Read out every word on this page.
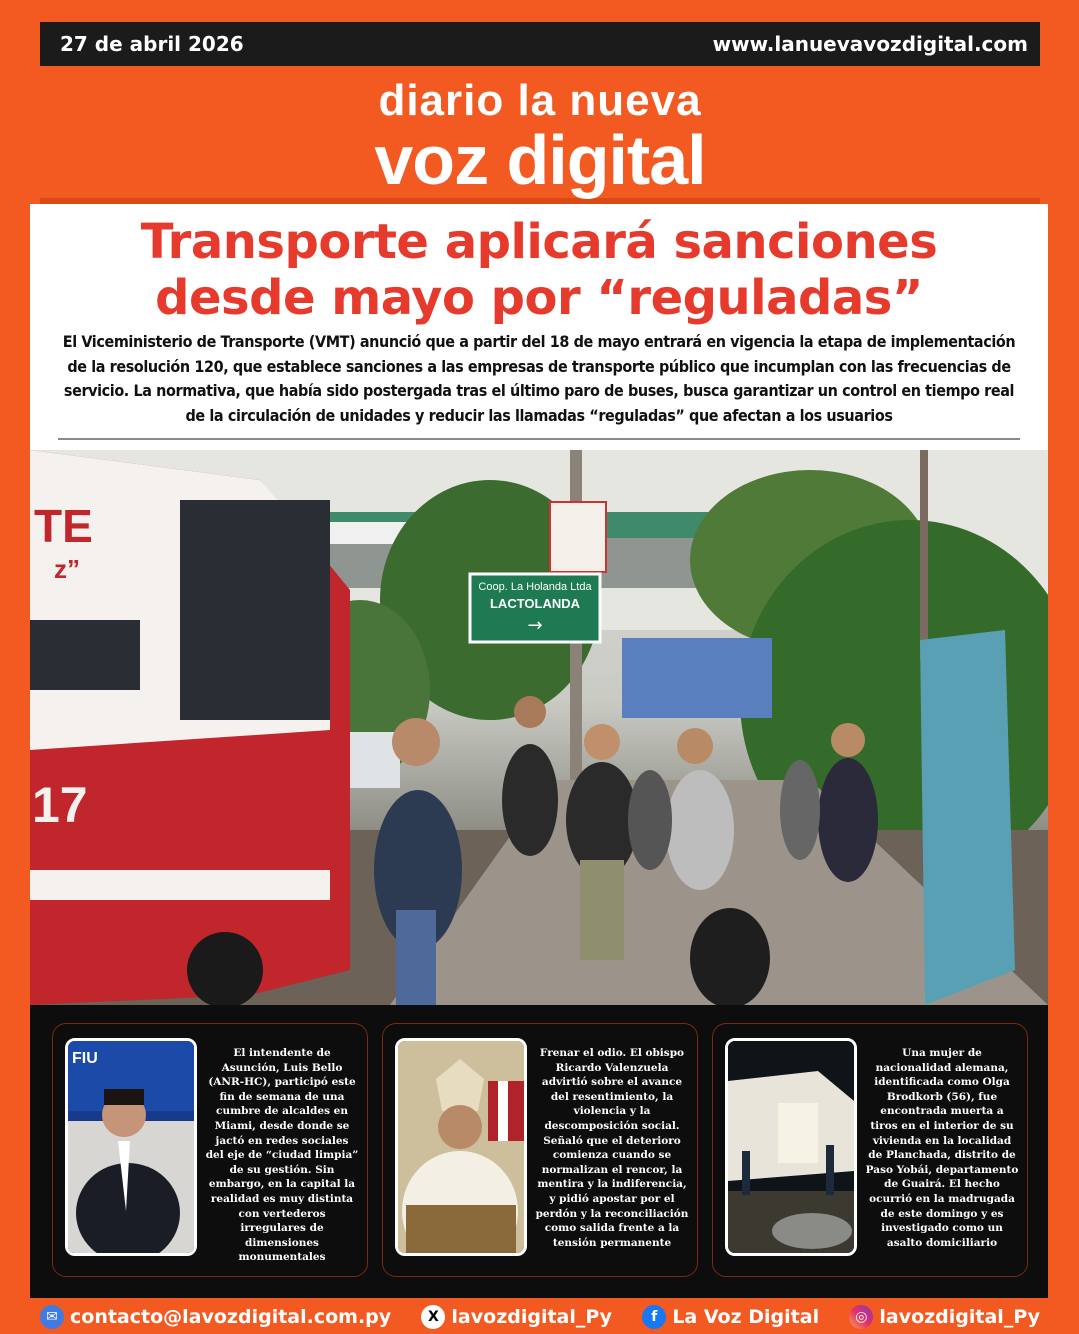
27 de abril 2026	www.lanuevavozdigital.com
diario la nueva
voz digital
Transporte aplicará sanciones
desde mayo por “reguladas”
El Viceministerio de Transporte (VMT) anunció que a partir del 18 de mayo entrará en vigencia la etapa de implementación de la resolución 120, que establece sanciones a las empresas de transporte público que incumplan con las frecuencias de servicio. La normativa, que había sido postergada tras el último paro de buses, busca garantizar un control en tiempo real de la circulación de unidades y reducir las llamadas “reguladas” que afectan a los usuarios
Coop. La Holanda Ltda
LACTOLANDA
→
TE
z”
17
FIU	El intendente de Asunción, Luis Bello (ANR-HC), participó este fin de semana de una cumbre de alcaldes en Miami, desde donde se jactó en redes sociales del eje de “ciudad limpia” de su gestión. Sin embargo, en la capital la realidad es muy distinta con vertederos irregulares de dimensiones monumentales
Frenar el odio. El obispo Ricardo Valenzuela advirtió sobre el avance del resentimiento, la violencia y la descomposición social. Señaló que el deterioro comienza cuando se normalizan el rencor, la mentira y la indiferencia, y pidió apostar por el perdón y la reconciliación como salida frente a la tensión permanente
Una mujer de nacionalidad alemana, identificada como Olga Brodkorb (56), fue encontrada muerta a tiros en el interior de su vivienda en la localidad de Planchada, distrito de Paso Yobái, departamento de Guairá. El hecho ocurrió en la madrugada de este domingo y es investigado como un asalto domiciliario
✉ contacto@lavozdigital.com.py	X lavozdigital_Py	f La Voz Digital	◎ lavozdigital_Py
